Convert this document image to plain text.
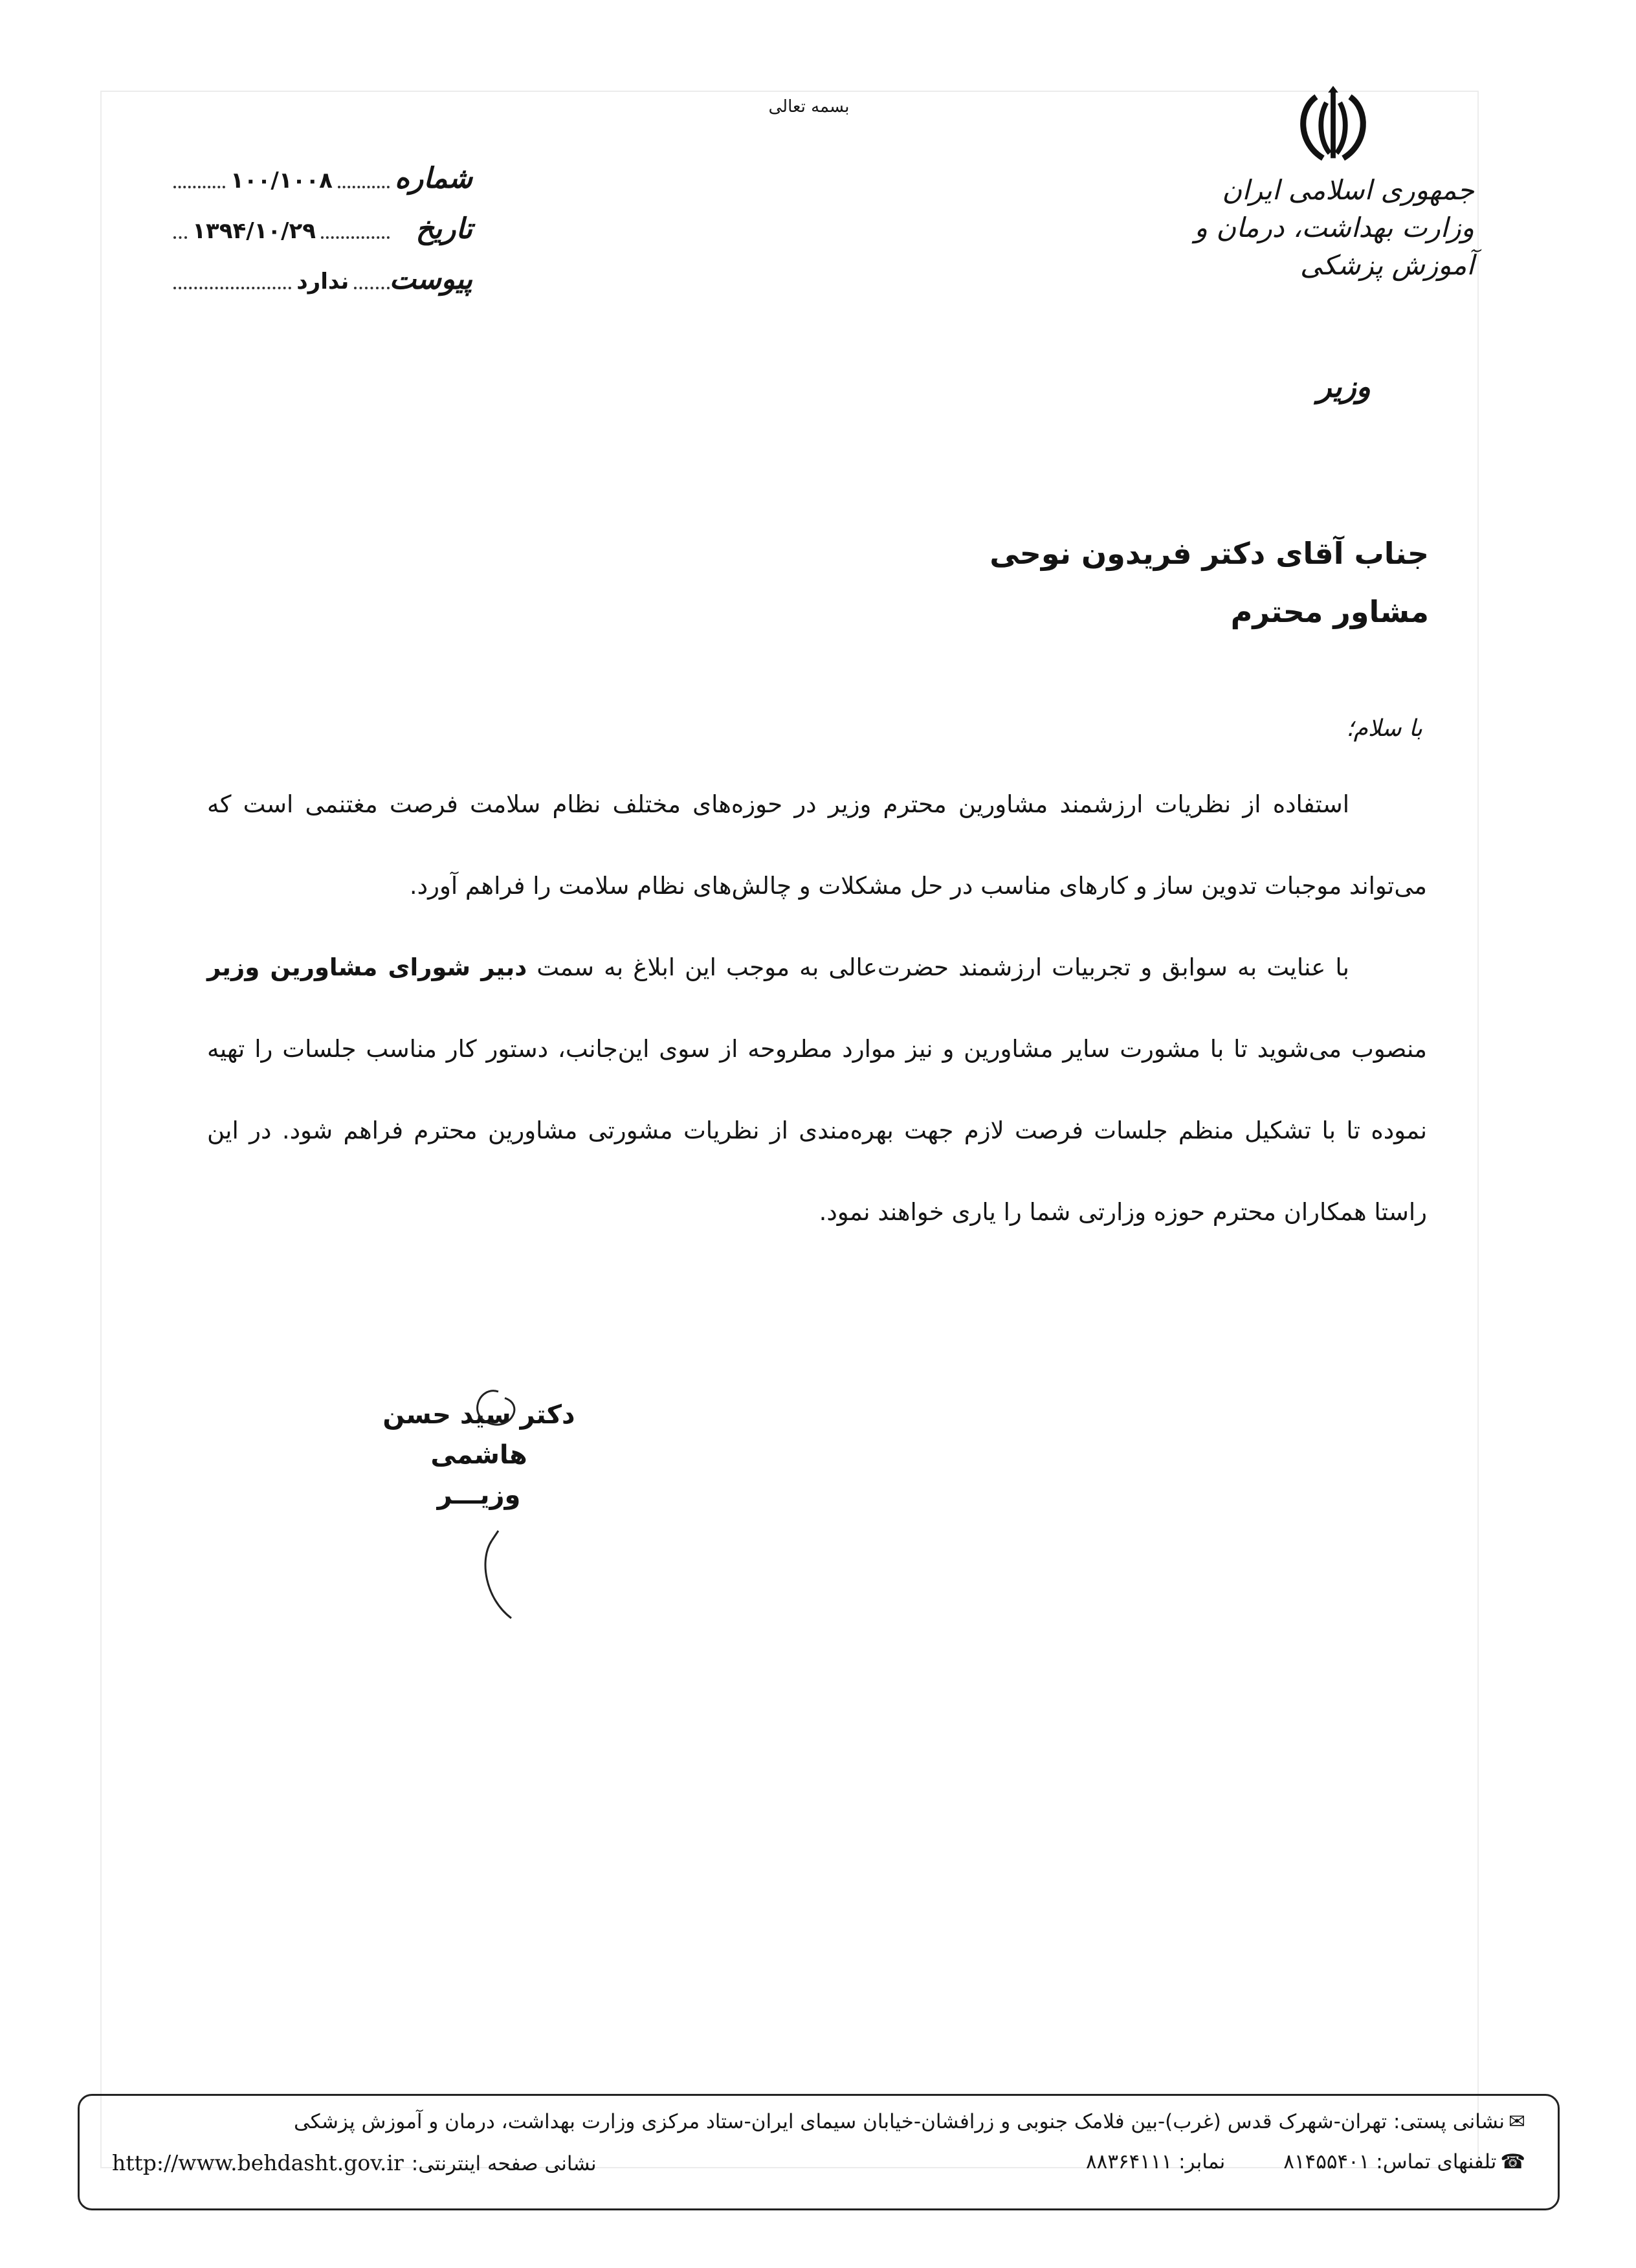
بسمه تعالی
جمهوری اسلامی ایران
وزارت بهداشت، درمان و آموزش پزشکی
وزیر
شماره
۱۰۰/۱۰۰۸
تاریخ
۱۳۹۴/۱۰/۲۹
پیوست
ندارد
جناب آقای دکتر فریدون نوحی
مشاور محترم
با سلام؛

استفاده از نظریات ارزشمند مشاورین محترم وزیر در حوزه‌های مختلف نظام سلامت فرصت مغتنمی است که می‌تواند موجبات تدوین ساز و کارهای مناسب در حل مشکلات و چالش‌های نظام سلامت را فراهم آورد.

با عنایت به سوابق و تجربیات ارزشمند حضرت‌عالی به موجب این ابلاغ به سمت دبیر شورای مشاورین وزیر منصوب می‌شوید تا با مشورت سایر مشاورین و نیز موارد مطروحه از سوی این‌جانب، دستور کار مناسب جلسات را تهیه نموده تا با تشکیل منظم جلسات فرصت لازم جهت بهره‌مندی از نظریات مشورتی مشاورین محترم فراهم شود. در این راستا همکاران محترم حوزه وزارتی شما را یاری خواهند نمود.

دکتر سید حسن هاشمی
وزیـــر
✉نشانی پستی: تهران-شهرک قدس (غرب)-بین فلامک جنوبی و زرافشان-خیابان سیمای ایران-ستاد مرکزی وزارت بهداشت، درمان و آموزش پزشکی
☎تلفنهای تماس: ۸۱۴۵۵۴۰۱
نمابر: ۸۸۳۶۴۱۱۱
نشانی صفحه اینترنتی:http://www.behdasht.gov.ir
